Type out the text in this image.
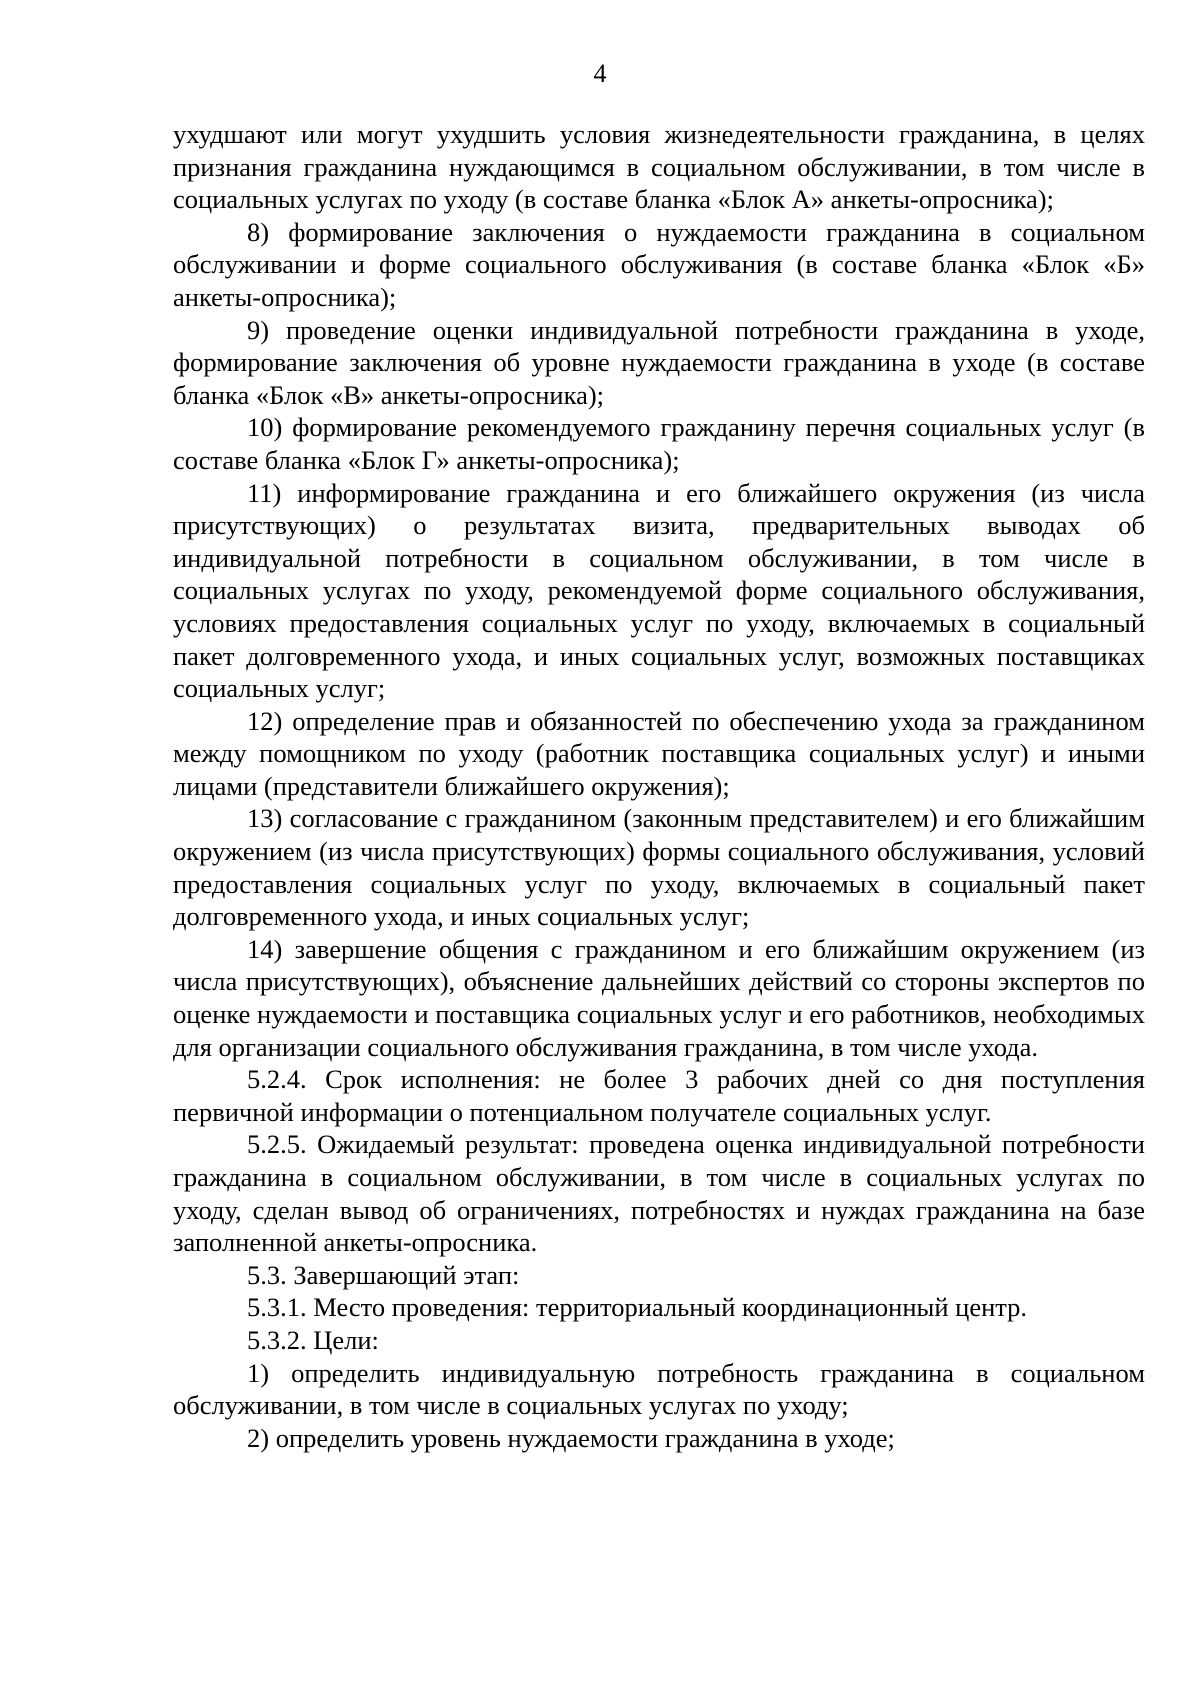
4

ухудшают или могут ухудшить условия жизнедеятельности гражданина, в целях признания гражданина нуждающимся в социальном обслуживании, в том числе в социальных услугах по уходу (в составе бланка «Блок А» анкеты-опросника);

8) формирование заключения о нуждаемости гражданина в социальном обслуживании и форме социального обслуживания (в составе бланка «Блок «Б» анкеты-опросника);

9) проведение оценки индивидуальной потребности гражданина в уходе, формирование заключения об уровне нуждаемости гражданина в уходе (в составе бланка «Блок «В» анкеты-опросника);

10) формирование рекомендуемого гражданину перечня социальных услуг (в составе бланка «Блок Г» анкеты-опросника);

11) информирование гражданина и его ближайшего окружения (из числа присутствующих) о результатах визита, предварительных выводах об индивидуальной потребности в социальном обслуживании, в том числе в социальных услугах по уходу, рекомендуемой форме социального обслуживания, условиях предоставления социальных услуг по уходу, включаемых в социальный пакет долговременного ухода, и иных социальных услуг, возможных поставщиках социальных услуг;

12) определение прав и обязанностей по обеспечению ухода за гражданином между помощником по уходу (работник поставщика социальных услуг) и иными лицами (представители ближайшего окружения);

13) согласование с гражданином (законным представителем) и его ближайшим окружением (из числа присутствующих) формы социального обслуживания, условий предоставления социальных услуг по уходу, включаемых в социальный пакет долговременного ухода, и иных социальных услуг;

14) завершение общения с гражданином и его ближайшим окружением (из числа присутствующих), объяснение дальнейших действий со стороны экспертов по оценке нуждаемости и поставщика социальных услуг и его работников, необходимых для организации социального обслуживания гражданина, в том числе ухода.

5.2.4. Срок исполнения: не более 3 рабочих дней со дня поступления первичной информации о потенциальном получателе социальных услуг.

5.2.5. Ожидаемый результат: проведена оценка индивидуальной потребности гражданина в социальном обслуживании, в том числе в социальных услугах по уходу, сделан вывод об ограничениях, потребностях и нуждах гражданина на базе заполненной анкеты-опросника.

5.3. Завершающий этап:

5.3.1. Место проведения: территориальный координационный центр.

5.3.2. Цели:

1) определить индивидуальную потребность гражданина в социальном обслуживании, в том числе в социальных услугах по уходу;

2) определить уровень нуждаемости гражданина в уходе;
